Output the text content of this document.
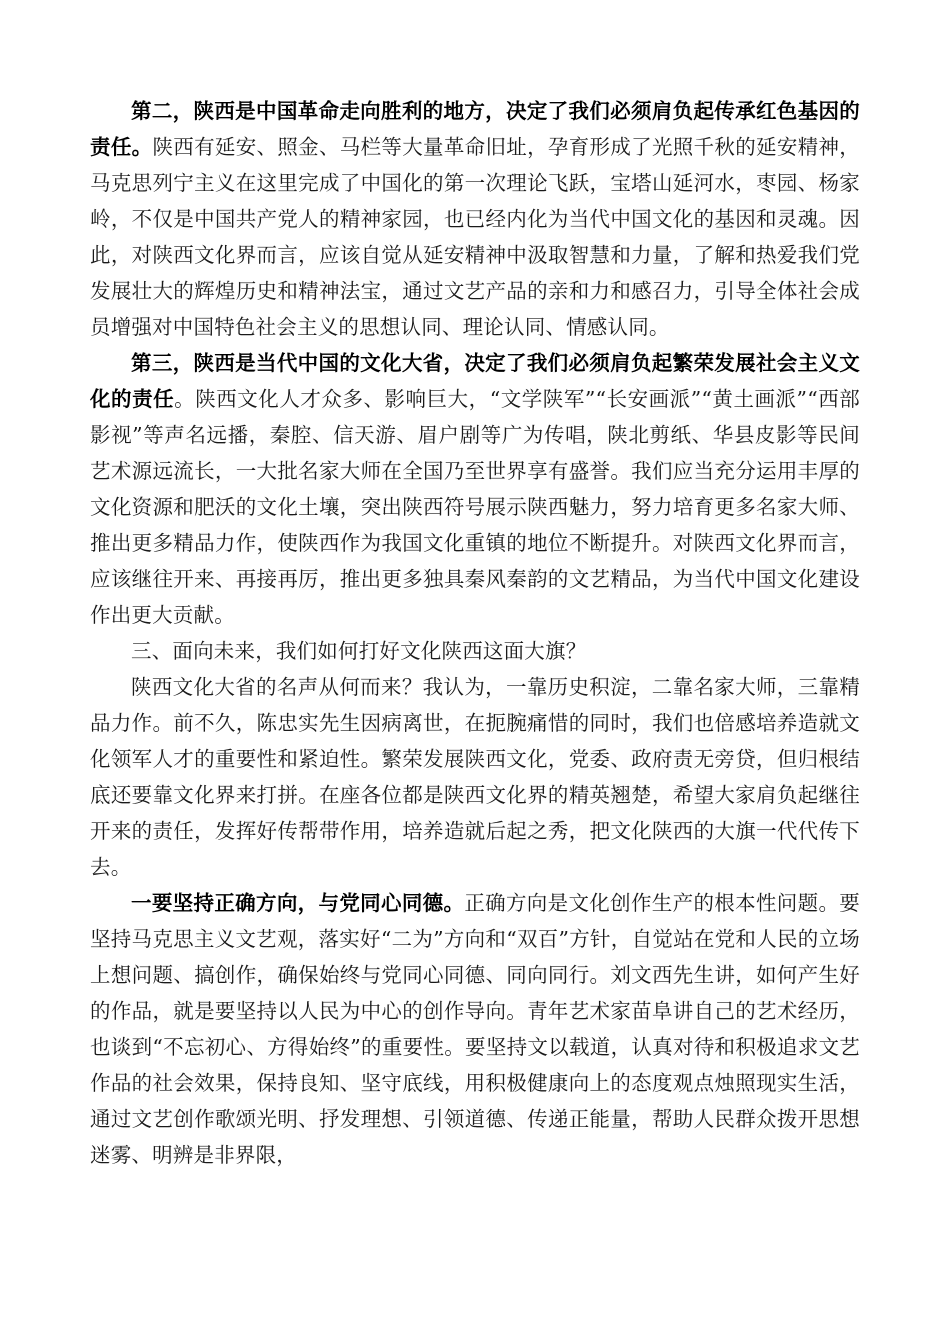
第二，陕西是中国革命走向胜利的地方，决定了我们必须肩负起传承红色基因的责任。陕西有延安、照金、马栏等大量革命旧址，孕育形成了光照千秋的延安精神，马克思列宁主义在这里完成了中国化的第一次理论飞跃，宝塔山延河水，枣园、杨家岭，不仅是中国共产党人的精神家园，也已经内化为当代中国文化的基因和灵魂。因此，对陕西文化界而言，应该自觉从延安精神中汲取智慧和力量，了解和热爱我们党发展壮大的辉煌历史和精神法宝，通过文艺产品的亲和力和感召力，引导全体社会成员增强对中国特色社会主义的思想认同、理论认同、情感认同。

第三，陕西是当代中国的文化大省，决定了我们必须肩负起繁荣发展社会主义文化的责任。陕西文化人才众多、影响巨大，“文学陕军”“长安画派”“黄土画派”“西部影视”等声名远播，秦腔、信天游、眉户剧等广为传唱，陕北剪纸、华县皮影等民间艺术源远流长，一大批名家大师在全国乃至世界享有盛誉。我们应当充分运用丰厚的文化资源和肥沃的文化土壤，突出陕西符号展示陕西魅力，努力培育更多名家大师、推出更多精品力作，使陕西作为我国文化重镇的地位不断提升。对陕西文化界而言，应该继往开来、再接再厉，推出更多独具秦风秦韵的文艺精品，为当代中国文化建设作出更大贡献。

三、面向未来，我们如何打好文化陕西这面大旗？

陕西文化大省的名声从何而来？我认为，一靠历史积淀，二靠名家大师，三靠精品力作。前不久，陈忠实先生因病离世，在扼腕痛惜的同时，我们也倍感培养造就文化领军人才的重要性和紧迫性。繁荣发展陕西文化，党委、政府责无旁贷，但归根结底还要靠文化界来打拼。在座各位都是陕西文化界的精英翘楚，希望大家肩负起继往开来的责任，发挥好传帮带作用，培养造就后起之秀，把文化陕西的大旗一代代传下去。

一要坚持正确方向，与党同心同德。正确方向是文化创作生产的根本性问题。要坚持马克思主义文艺观，落实好“二为”方向和“双百”方针，自觉站在党和人民的立场上想问题、搞创作，确保始终与党同心同德、同向同行。刘文西先生讲，如何产生好的作品，就是要坚持以人民为中心的创作导向。青年艺术家苗阜讲自己的艺术经历，也谈到“不忘初心、方得始终”的重要性。要坚持文以载道，认真对待和积极追求文艺作品的社会效果，保持良知、坚守底线，用积极健康向上的态度观点烛照现实生活，通过文艺创作歌颂光明、抒发理想、引领道德、传递正能量，帮助人民群众拨开思想迷雾、明辨是非界限，
